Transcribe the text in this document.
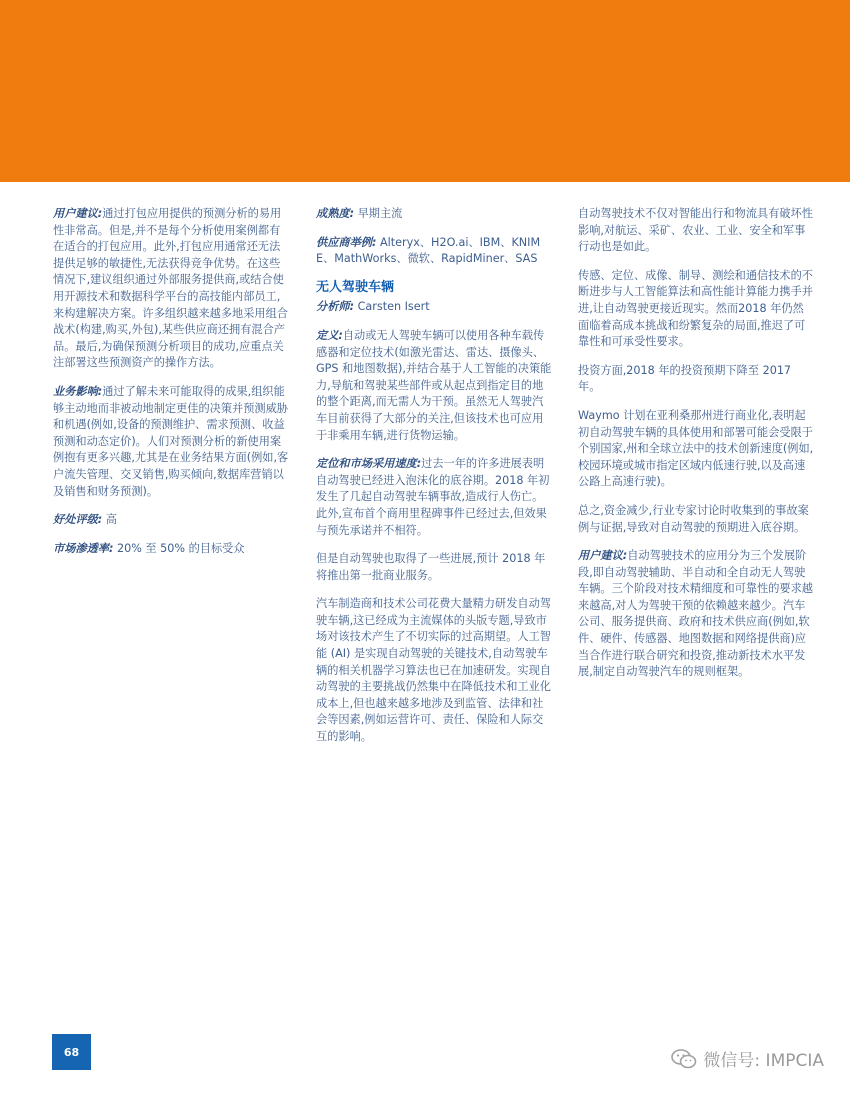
用户建议:通过打包应用提供的预测分析的易用性非常高。但是,并不是每个分析使用案例都有在适合的打包应用。此外,打包应用通常还无法提供足够的敏捷性,无法获得竞争优势。在这些情况下,建议组织通过外部服务提供商,或结合使用开源技术和数据科学平台的高技能内部员工,来构建解决方案。许多组织越来越多地采用组合战术(构建,购买,外包),某些供应商还拥有混合产品。最后,为确保预测分析项目的成功,应重点关注部署这些预测资产的操作方法。

业务影响:通过了解未来可能取得的成果,组织能够主动地而非被动地制定更佳的决策并预测威胁和机遇(例如,设备的预测维护、需求预测、收益预测和动态定价)。人们对预测分析的新使用案例抱有更多兴趣,尤其是在业务结果方面(例如,客户流失管理、交叉销售,购买倾向,数据库营销以及销售和财务预测)。

好处评级: 高

市场渗透率: 20% 至 50% 的目标受众

成熟度: 早期主流

供应商举例: Alteryx、H2O.ai、IBM、KNIME、MathWorks、微软、RapidMiner、SAS

无人驾驶车辆

分析师: Carsten Isert

定义:自动或无人驾驶车辆可以使用各种车载传感器和定位技术(如激光雷达、雷达、摄像头、GPS 和地图数据),并结合基于人工智能的决策能力,导航和驾驶某些部件或从起点到指定目的地的整个距离,而无需人为干预。虽然无人驾驶汽车目前获得了大部分的关注,但该技术也可应用于非乘用车辆,进行货物运输。

定位和市场采用速度:过去一年的许多进展表明自动驾驶已经进入泡沫化的底谷期。2018 年初发生了几起自动驾驶车辆事故,造成行人伤亡。此外,宣布首个商用里程碑事件已经过去,但效果与预先承诺并不相符。

但是自动驾驶也取得了一些进展,预计 2018 年将推出第一批商业服务。

汽车制造商和技术公司花费大量精力研发自动驾驶车辆,这已经成为主流媒体的头版专题,导致市场对该技术产生了不切实际的过高期望。人工智能 (AI) 是实现自动驾驶的关键技术,自动驾驶车辆的相关机器学习算法也已在加速研发。实现自动驾驶的主要挑战仍然集中在降低技术和工业化成本上,但也越来越多地涉及到监管、法律和社会等因素,例如运营许可、责任、保险和人际交互的影响。

自动驾驶技术不仅对智能出行和物流具有破坏性影响,对航运、采矿、农业、工业、安全和军事行动也是如此。

传感、定位、成像、制导、测绘和通信技术的不断进步与人工智能算法和高性能计算能力携手并进,让自动驾驶更接近现实。然而2018 年仍然面临着高成本挑战和纷繁复杂的局面,推迟了可靠性和可承受性要求。

投资方面,2018 年的投资预期下降至 2017 年。

Waymo 计划在亚利桑那州进行商业化,表明起初自动驾驶车辆的具体使用和部署可能会受限于个别国家,州和全球立法中的技术创新速度(例如,校园环境或城市指定区域内低速行驶,以及高速公路上高速行驶)。

总之,资金减少,行业专家讨论时收集到的事故案例与证据,导致对自动驾驶的预期进入底谷期。

用户建议:自动驾驶技术的应用分为三个发展阶段,即自动驾驶辅助、半自动和全自动无人驾驶车辆。三个阶段对技术精细度和可靠性的要求越来越高,对人为驾驶干预的依赖越来越少。汽车公司、服务提供商、政府和技术供应商(例如,软件、硬件、传感器、地图数据和网络提供商)应当合作进行联合研究和投资,推动新技术水平发展,制定自动驾驶汽车的规则框架。

68	微信号: IMPCIA
